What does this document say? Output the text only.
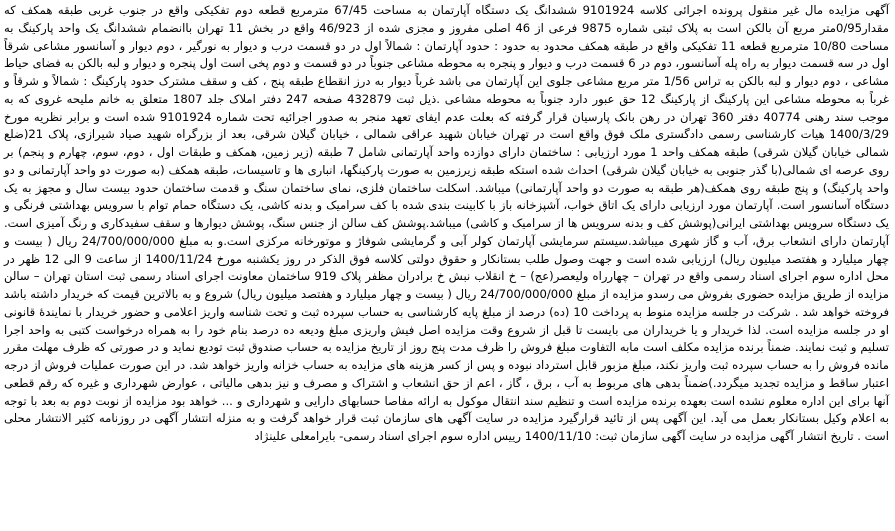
آگهی مزایده مال غیر منقول پرونده اجرائی کلاسه 9101924 ششدانگ یک دستگاه آپارتمان به مساحت 67/45 مترمربع قطعه دوم تفکیکی واقع در جنوب غربی طبقه همکف که مقدار0/95متر مربع آن بالکن است به پلاک ثبتی شماره 9875 فرعی از 46 اصلی مفروز و مجزی شده از 46/923 واقع در بخش 11 تهران باانضمام ششدانگ یک واحد پارکینگ به مساحت 10/80 مترمربع قطعه 11 تفکیکی واقع در طبقه همکف محدود به حدود : حدود آپارتمان : شمالاً اول در دو قسمت درب و دیوار به نورگیر ، دوم دیوار و آسانسور مشاعی شرقاً اول در سه قسمت دیوار به راه پله آسانسور، دوم در 6 قسمت درب و دیوار و پنجره به محوطه مشاعی جنوباً در دو قسمت و دوم پخی است اول پنجره و دیوار و لبه بالکن به فضای حیاط مشاعی ، دوم دیوار و لبه بالکن به تراس 1/56 متر مربع مشاعی جلوی این آپارتمان می باشد غرباً دیوار به درز انقطاع طبقه پنج ، کف و سقف مشترک حدود پارکینگ : شمالاً و شرقاً و غرباً به محوطه مشاعی این پارکینگ از پارکینگ 12 حق عبور دارد جنوباً به محوطه مشاعی .ذیل ثبت 432879 صفحه 247 دفتر املاک جلد 1807 متعلق به خانم ملیحه غروی که به موجب سند رهنی 40774 دفتر 360 تهران در رهن بانک پارسیان قرار گرفته که بعلت عدم ایفای تعهد منجر به صدور اجرائیه تحت شماره 9101924 شده است و برابر نظریه مورخ 1400/3/29 هیات کارشناسی رسمی دادگستری ملک فوق واقع است در تهران خیابان شهید عراقی شمالی ، خیابان گیلان شرقی، بعد از بزرگراه شهید صیاد شیرازی، پلاک 21(ضلع شمالی خیابان گیلان شرقی) طبقه همکف واحد 1 مورد ارزیابی : ساختمان دارای دوازده واحد آپارتمانی شامل 7 طبقه (زیر زمین، همکف و طبقات اول ، دوم، سوم، چهارم و پنجم) بر روی عرصه ای شمالی(با گذر جنوبی به خیابان گیلان شرقی) احداث شده استکه طبقه زیرزمین به صورت پارکینگها، انباری ها و تاسیسات، طبقه همکف (به صورت دو واحد آپارتمانی و دو واحد پارکینگ) و پنج طبقه روی همکف(هر طبقه به صورت دو واحد آپارتمانی) میباشد. اسکلت ساختمان فلزی، نمای ساختمان سنگ و قدمت ساختمان حدود بیست سال و مجهز به یک دستگاه آسانسور است. آپارتمان مورد ارزیابی دارای یک اتاق خواب، آشپزخانه باز با کابینت بندی شده با کف سرامیک و بدنه کاشی، یک دستگاه حمام توام با سرویس بهداشتی فرنگی و یک دستگاه سرویس بهداشتی ایرانی(پوشش کف و بدنه سرویس ها از سرامیک و کاشی) میباشد.پوشش کف سالن از جنس سنگ، پوشش دیوارها و سقف سفیدکاری و رنگ آمیزی است. آپارتمان دارای انشعاب برق، آب و گاز شهری میباشد.سیستم سرمایشی آپارتمان کولر آبی و گرمایشی شوفاژ و موتورخانه مرکزی است.و به مبلغ 24/700/000/000 ریال ( بیست و چهار میلیارد و هفتصد میلیون ریال) ارزیابی شده است و جهت وصول طلب بستانکار و حقوق دولتی کلاسه فوق الذکر در روز یکشنبه مورخ 1400/11/24 از ساعت 9 الی 12 ظهر در محل اداره سوم اجرای اسناد رسمی واقع در تهران – چهارراه ولیعصر(عج) – خ انقلاب نبش خ برادران مظفر پلاک 919 ساختمان معاونت اجرای اسناد رسمی ثبت استان تهران – سالن مزایده از طریق مزایده حضوری بفروش می رسدو مزایده از مبلغ 24/700/000/000 ریال ( بیست و چهار میلیارد و هفتصد میلیون ریال) شروع و به بالاترین قیمت که خریدار داشته باشد فروخته خواهد شد . شرکت در جلسه مزایده منوط به پرداخت 10 (ده) درصد از مبلغ پایه کارشناسی به حساب سپرده ثبت و تحت شناسه واریز اعلامی و حضور خریدار با نمایندۀ قانونی او در جلسه مزایده است. لذا خریدار و یا خریداران می بایست تا قبل از شروع وقت مزایده اصل فیش واریزی مبلغ ودیعه ده درصد بنام خود را به همراه درخواست کتبی به واحد اجرا تسلیم و ثبت نمایند. ضمناً برنده مزایده مکلف است مابه التفاوت مبلغ فروش را ظرف مدت پنج روز از تاریخ مزایده به حساب صندوق ثبت تودیع نماید و در صورتی که ظرف مهلت مقرر مانده فروش را به حساب سپرده ثبت واریز نکند، مبلغ مزبور قابل استرداد نبوده و پس از کسر هزینه های مزایده به حساب خزانه واریز خواهد شد. در این صورت عملیات فروش از درجه اعتبار ساقط و مزایده تجدید میگردد.)ضمناً بدهی های مربوط به آب ، برق ، گاز ، اعم از حق انشعاب و اشتراک و مصرف و نیز بدهی مالیاتی ، عوارض شهرداری و غیره که رقم قطعی آنها برای این اداره معلوم نشده است بعهده برنده مزایده است و تنظیم سند انتقال موکول به ارائه مفاصا حسابهای دارایی و شهرداری و ... خواهد بود مزایده از نوبت دوم به بعد با توجه به اعلام وکیل بستانکار بعمل می آید. این آگهی پس از تائید قرارگیرد مزایده در سایت آگهی های سازمان ثبت قرار خواهد گرفت و به منزله انتشار آگهی در روزنامه کثیر الانتشار محلی است . تاریخ انتشار آگهی مزایده در سایت آگهی سازمان ثبت: 1400/11/10 رییس اداره سوم اجرای اسناد رسمی- بایرامعلی علینژاد
